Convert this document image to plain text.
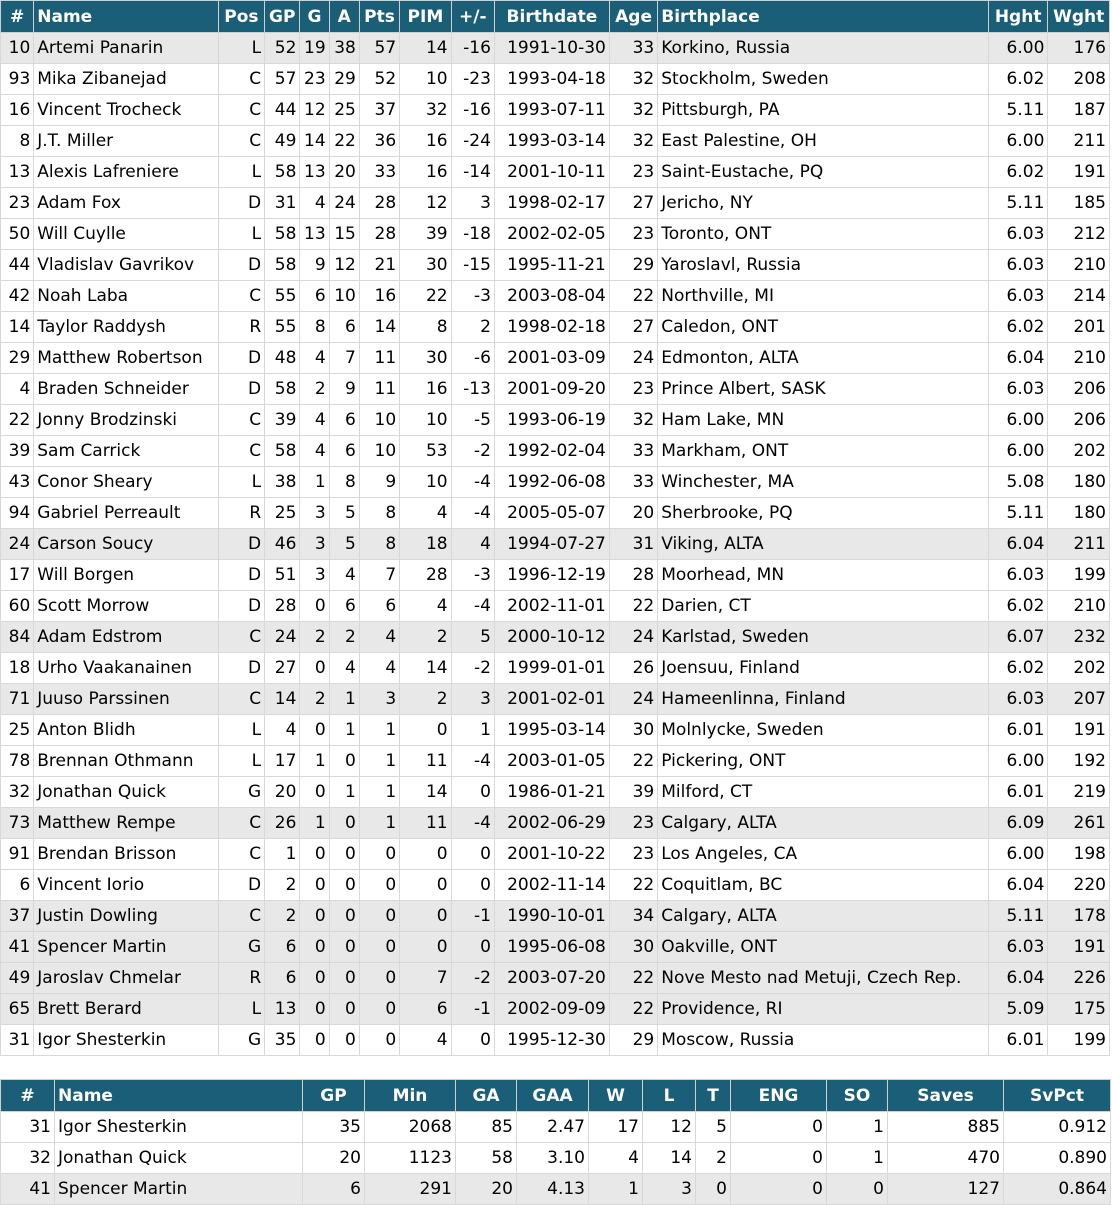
#	Name	Pos	GP	G	A	Pts	PIM	+/-	Birthdate	Age	Birthplace	Hght	Wght
10	Artemi Panarin	L	52	19	38	57	14	-16	1991-10-30	33	Korkino, Russia	6.00	176
93	Mika Zibanejad	C	57	23	29	52	10	-23	1993-04-18	32	Stockholm, Sweden	6.02	208
16	Vincent Trocheck	C	44	12	25	37	32	-16	1993-07-11	32	Pittsburgh, PA	5.11	187
8	J.T. Miller	C	49	14	22	36	16	-24	1993-03-14	32	East Palestine, OH	6.00	211
13	Alexis Lafreniere	L	58	13	20	33	16	-14	2001-10-11	23	Saint-Eustache, PQ	6.02	191
23	Adam Fox	D	31	4	24	28	12	3	1998-02-17	27	Jericho, NY	5.11	185
50	Will Cuylle	L	58	13	15	28	39	-18	2002-02-05	23	Toronto, ONT	6.03	212
44	Vladislav Gavrikov	D	58	9	12	21	30	-15	1995-11-21	29	Yaroslavl, Russia	6.03	210
42	Noah Laba	C	55	6	10	16	22	-3	2003-08-04	22	Northville, MI	6.03	214
14	Taylor Raddysh	R	55	8	6	14	8	2	1998-02-18	27	Caledon, ONT	6.02	201
29	Matthew Robertson	D	48	4	7	11	30	-6	2001-03-09	24	Edmonton, ALTA	6.04	210
4	Braden Schneider	D	58	2	9	11	16	-13	2001-09-20	23	Prince Albert, SASK	6.03	206
22	Jonny Brodzinski	C	39	4	6	10	10	-5	1993-06-19	32	Ham Lake, MN	6.00	206
39	Sam Carrick	C	58	4	6	10	53	-2	1992-02-04	33	Markham, ONT	6.00	202
43	Conor Sheary	L	38	1	8	9	10	-4	1992-06-08	33	Winchester, MA	5.08	180
94	Gabriel Perreault	R	25	3	5	8	4	-4	2005-05-07	20	Sherbrooke, PQ	5.11	180
24	Carson Soucy	D	46	3	5	8	18	4	1994-07-27	31	Viking, ALTA	6.04	211
17	Will Borgen	D	51	3	4	7	28	-3	1996-12-19	28	Moorhead, MN	6.03	199
60	Scott Morrow	D	28	0	6	6	4	-4	2002-11-01	22	Darien, CT	6.02	210
84	Adam Edstrom	C	24	2	2	4	2	5	2000-10-12	24	Karlstad, Sweden	6.07	232
18	Urho Vaakanainen	D	27	0	4	4	14	-2	1999-01-01	26	Joensuu, Finland	6.02	202
71	Juuso Parssinen	C	14	2	1	3	2	3	2001-02-01	24	Hameenlinna, Finland	6.03	207
25	Anton Blidh	L	4	0	1	1	0	1	1995-03-14	30	Molnlycke, Sweden	6.01	191
78	Brennan Othmann	L	17	1	0	1	11	-4	2003-01-05	22	Pickering, ONT	6.00	192
32	Jonathan Quick	G	20	0	1	1	14	0	1986-01-21	39	Milford, CT	6.01	219
73	Matthew Rempe	C	26	1	0	1	11	-4	2002-06-29	23	Calgary, ALTA	6.09	261
91	Brendan Brisson	C	1	0	0	0	0	0	2001-10-22	23	Los Angeles, CA	6.00	198
6	Vincent Iorio	D	2	0	0	0	0	0	2002-11-14	22	Coquitlam, BC	6.04	220
37	Justin Dowling	C	2	0	0	0	0	-1	1990-10-01	34	Calgary, ALTA	5.11	178
41	Spencer Martin	G	6	0	0	0	0	0	1995-06-08	30	Oakville, ONT	6.03	191
49	Jaroslav Chmelar	R	6	0	0	0	7	-2	2003-07-20	22	Nove Mesto nad Metuji, Czech Rep.	6.04	226
65	Brett Berard	L	13	0	0	0	6	-1	2002-09-09	22	Providence, RI	5.09	175
31	Igor Shesterkin	G	35	0	0	0	4	0	1995-12-30	29	Moscow, Russia	6.01	199
#	Name	GP	Min	GA	GAA	W	L	T	ENG	SO	Saves	SvPct
31	Igor Shesterkin	35	2068	85	2.47	17	12	5	0	1	885	0.912
32	Jonathan Quick	20	1123	58	3.10	4	14	2	0	1	470	0.890
41	Spencer Martin	6	291	20	4.13	1	3	0	0	0	127	0.864
